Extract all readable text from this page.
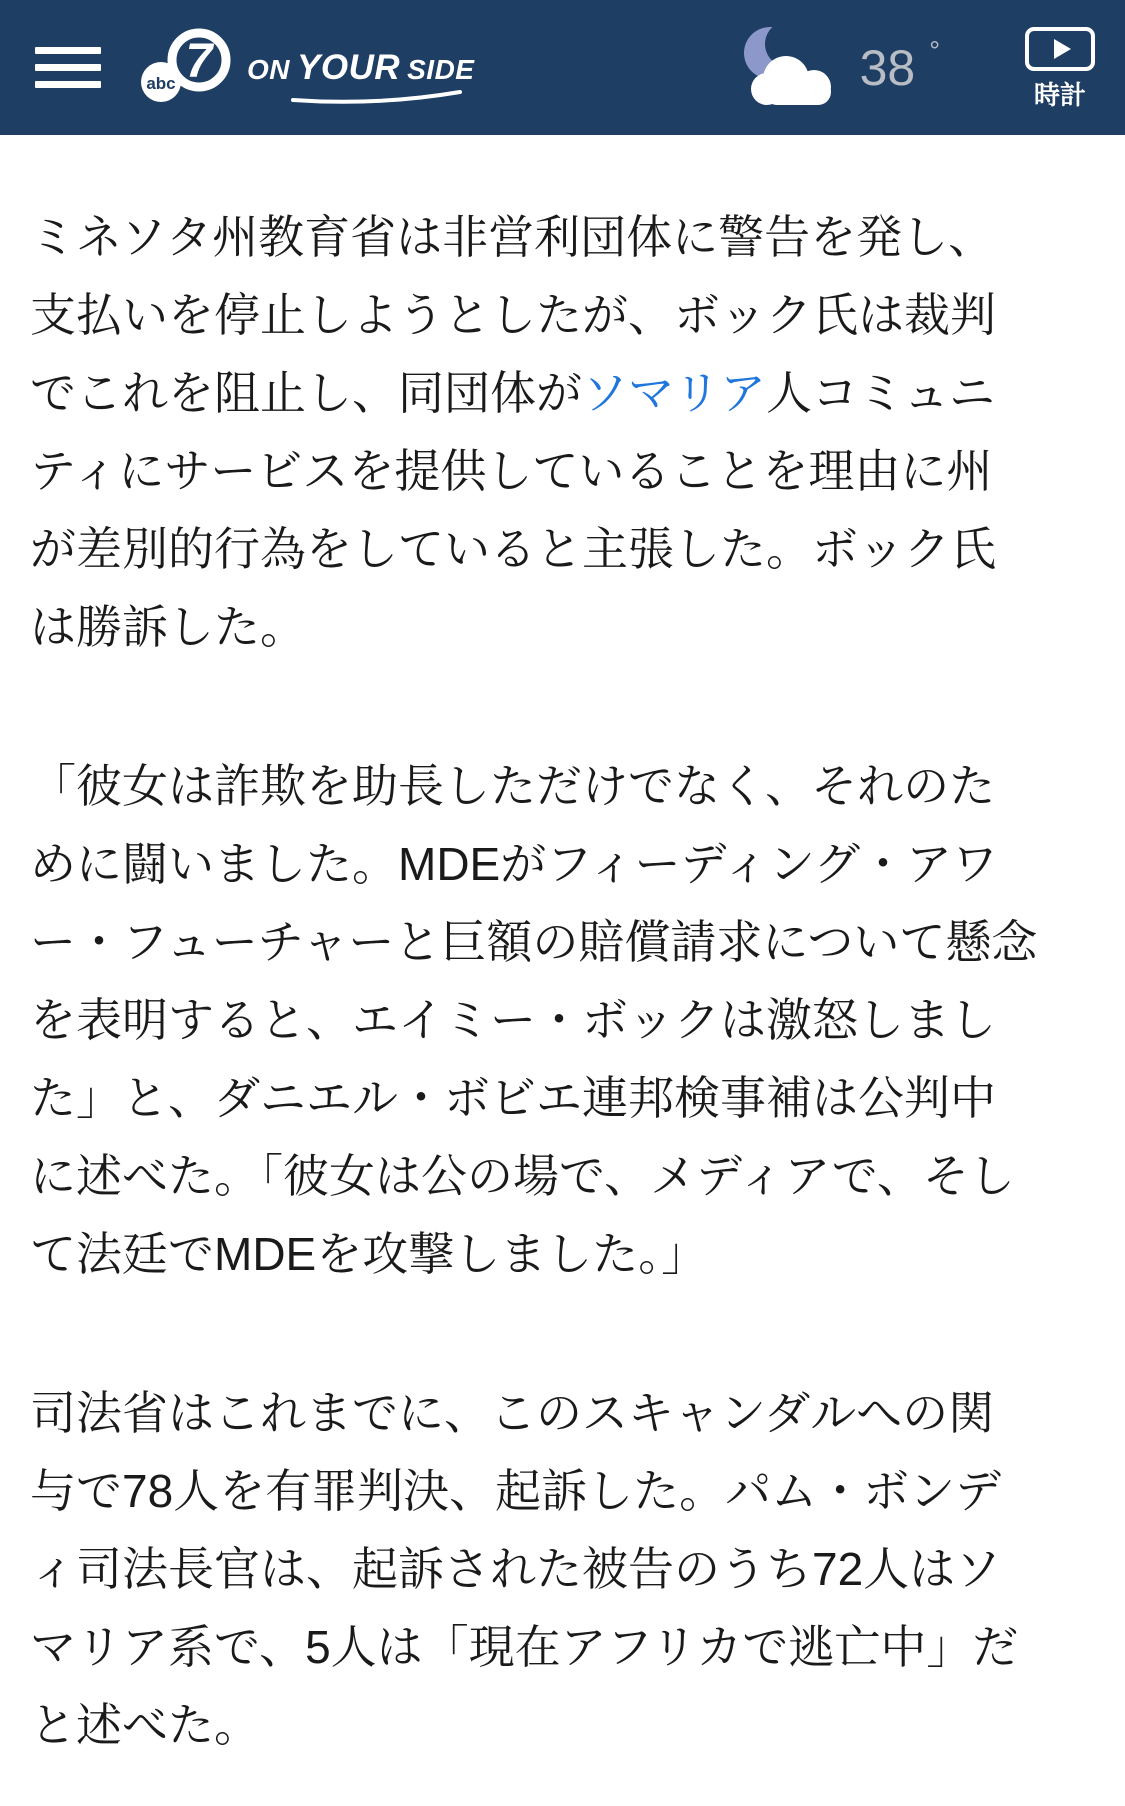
7
abc	ON YOUR SIDE	38 °
時計

ミネソタ州教育省は非営利団体に警告を発し、支払いを停止しようとしたが、ボック氏は裁判でこれを阻止し、同団体がソマリア人コミュニティにサービスを提供していることを理由に州が差別的行為をしていると主張した。ボック氏は勝訴した。

「彼女は詐欺を助長しただけでなく、それのために闘いました。MDEがフィーディング・アワー・フューチャーと巨額の賠償請求について懸念を表明すると、エイミー・ボックは激怒しました」と、ダニエル・ボビエ連邦検事補は公判中に述べた。「彼女は公の場で、メディアで、そして法廷でMDEを攻撃しました。」

司法省はこれまでに、このスキャンダルへの関与で78人を有罪判決、起訴した。パム・ボンディ司法長官は、起訴された被告のうち72人はソマリア系で、5人は「現在アフリカで逃亡中」だと述べた。
